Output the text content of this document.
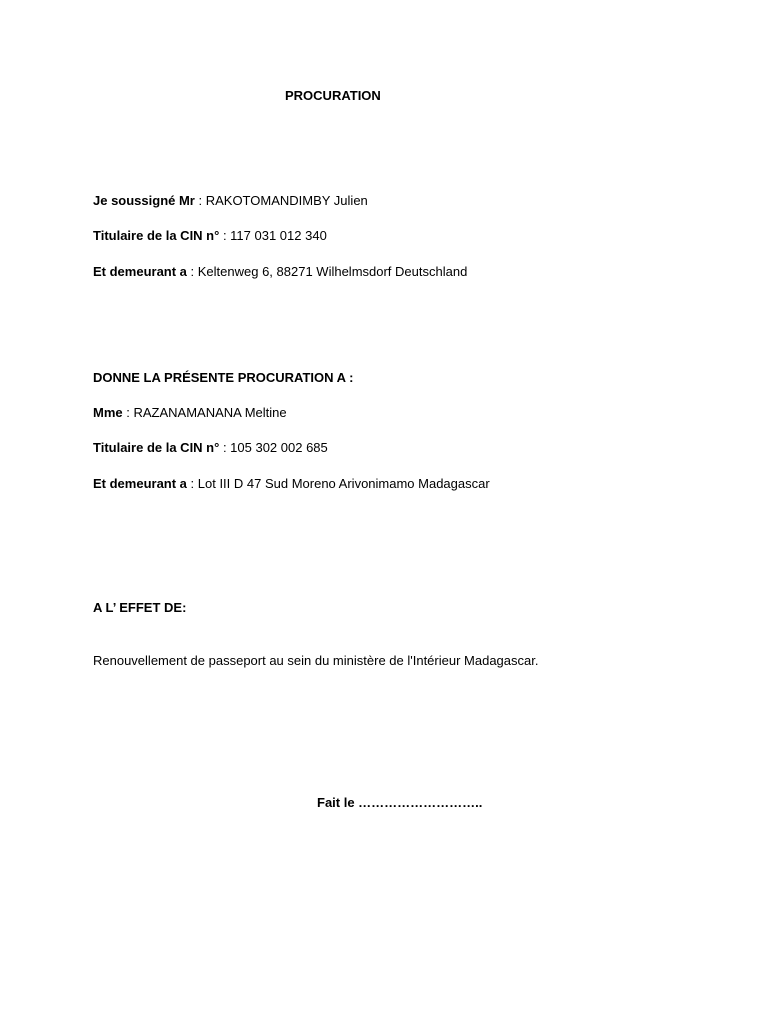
PROCURATION
Je soussigné Mr : RAKOTOMANDIMBY Julien
Titulaire de la CIN n° : 117 031 012 340
Et demeurant a : Keltenweg 6, 88271 Wilhelmsdorf Deutschland
DONNE LA PRÉSENTE PROCURATION A :
Mme : RAZANAMANANA Meltine
Titulaire de la CIN n° : 105 302 002 685
Et demeurant a : Lot III D 47 Sud Moreno Arivonimamo Madagascar
A L’ EFFET DE:
Renouvellement de passeport au sein du ministère de l'Intérieur Madagascar.
Fait le ………………………..
